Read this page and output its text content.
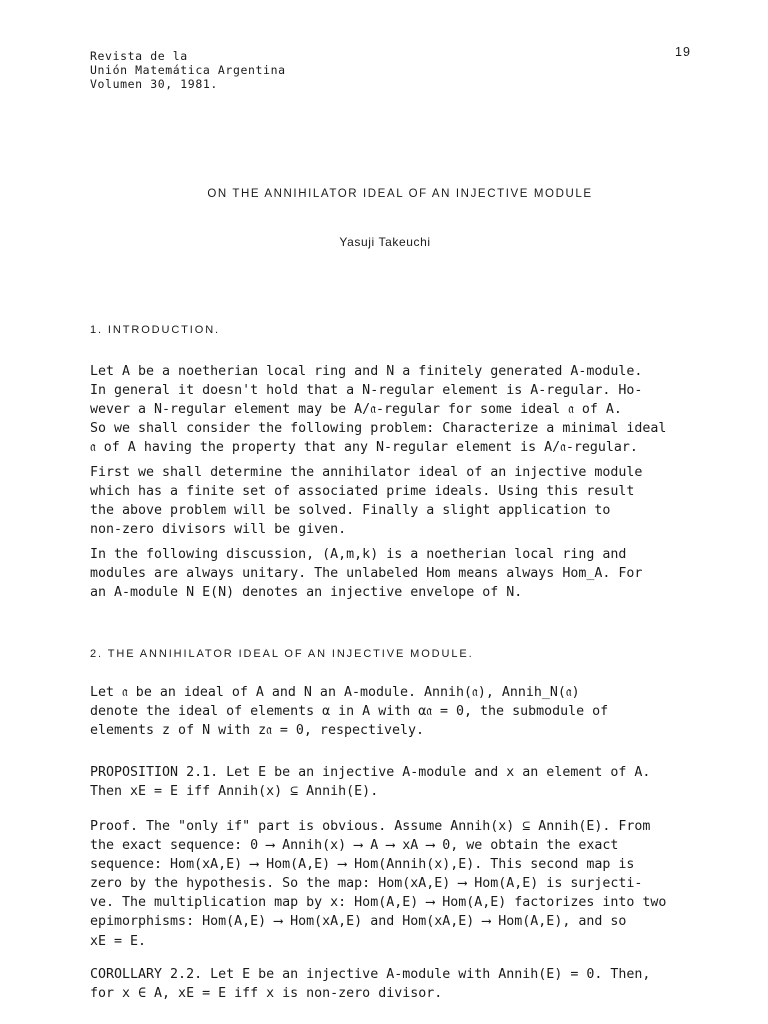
Revista de la
Unión Matemática Argentina
Volumen 30, 1981.
19
ON THE ANNIHILATOR IDEAL OF AN INJECTIVE MODULE
Yasuji Takeuchi
1. INTRODUCTION.
Let A be a noetherian local ring and N a finitely generated A-module.
In general it doesn't hold that a N-regular element is A-regular. Ho-
wever a N-regular element may be A/𝔞-regular for some ideal 𝔞 of A.
So we shall consider the following problem: Characterize a minimal ideal
𝔞 of A having the property that any N-regular element is A/𝔞-regular.
First we shall determine the annihilator ideal of an injective module
which has a finite set of associated prime ideals. Using this result
the above problem will be solved. Finally a slight application to
non-zero divisors will be given.
In the following discussion, (A,m,k) is a noetherian local ring and
modules are always unitary. The unlabeled Hom means always Hom_A. For
an A-module N E(N) denotes an injective envelope of N.
2. THE ANNIHILATOR IDEAL OF AN INJECTIVE MODULE.
Let 𝔞 be an ideal of A and N an A-module. Annih(𝔞), Annih_N(𝔞)
denote the ideal of elements α in A with α𝔞 = 0, the submodule of
elements z of N with z𝔞 = 0, respectively.
PROPOSITION 2.1. Let E be an injective A-module and x an element of A.
Then xE = E iff Annih(x) ⊆ Annih(E).
Proof. The "only if" part is obvious. Assume Annih(x) ⊆ Annih(E). From
the exact sequence: 0 ⟶ Annih(x) ⟶ A ⟶ xA ⟶ 0, we obtain the exact
sequence: Hom(xA,E) ⟶ Hom(A,E) ⟶ Hom(Annih(x),E). This second map is
zero by the hypothesis. So the map: Hom(xA,E) ⟶ Hom(A,E) is surjecti-
ve. The multiplication map by x: Hom(A,E) ⟶ Hom(A,E) factorizes into two
epimorphisms: Hom(A,E) ⟶ Hom(xA,E) and Hom(xA,E) ⟶ Hom(A,E), and so
xE = E.
COROLLARY 2.2. Let E be an injective A-module with Annih(E) = 0. Then,
for x ∈ A, xE = E iff x is non-zero divisor.
